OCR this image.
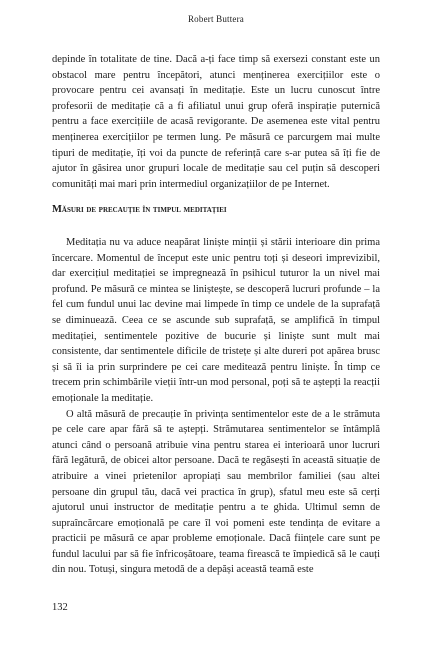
Robert Buttera

depinde în totalitate de tine. Dacă a-ți face timp să exersezi constant este un obstacol mare pentru începători, atunci menținerea exercițiilor este o provocare pentru cei avansați în meditație. Este un lucru cunoscut între profesorii de meditație că a fi afiliatul unui grup oferă inspirație puternică pentru a face exercițiile de acasă revigorante. De asemenea este vital pentru menținerea exercițiilor pe termen lung. Pe măsură ce parcurgem mai multe tipuri de meditație, îți voi da puncte de referință care s-ar putea să îți fie de ajutor în găsirea unor grupuri locale de meditație sau cel puțin să descoperi comunități mai mari prin intermediul organizațiilor de pe Internet.

Măsuri de precauție în timpul meditației

Meditația nu va aduce neapărat liniște minții și stării interioare din prima încercare. Momentul de început este unic pentru toți și deseori imprevizibil, dar exercițiul meditației se impregnează în psihicul tuturor la un nivel mai profund. Pe măsură ce mintea se liniștește, se descoperă lucruri profunde – la fel cum fundul unui lac devine mai limpede în timp ce undele de la suprafață se diminuează. Ceea ce se ascunde sub suprafață, se amplifică în timpul meditației, sentimentele pozitive de bucurie și liniște sunt mult mai consistente, dar sentimentele dificile de tristețe și alte dureri pot apărea brusc și să îi ia prin surprindere pe cei care meditează pentru liniște. În timp ce trecem prin schimbările vieții într-un mod personal, poți să te aștepți la reacții emoționale la meditație.

O altă măsură de precauție în privința sentimentelor este de a le strămuta pe cele care apar fără să te aștepți. Strămutarea sentimentelor se întâmplă atunci când o persoană atribuie vina pentru starea ei interioară unor lucruri fără legătură, de obicei altor persoane. Dacă te regăsești în această situație de atribuire a vinei prietenilor apropiați sau membrilor familiei (sau altei persoane din grupul tău, dacă vei practica în grup), sfatul meu este să cerți ajutorul unui instructor de meditație pentru a te ghida. Ultimul semn de supraîncărcare emoțională pe care îl voi pomeni este tendința de evitare a practicii pe măsură ce apar probleme emoționale. Dacă ființele care sunt pe fundul lacului par să fie înfricoșătoare, teama firească te împiedică să le cauți din nou. Totuși, singura metodă de a depăși această teamă este

132
